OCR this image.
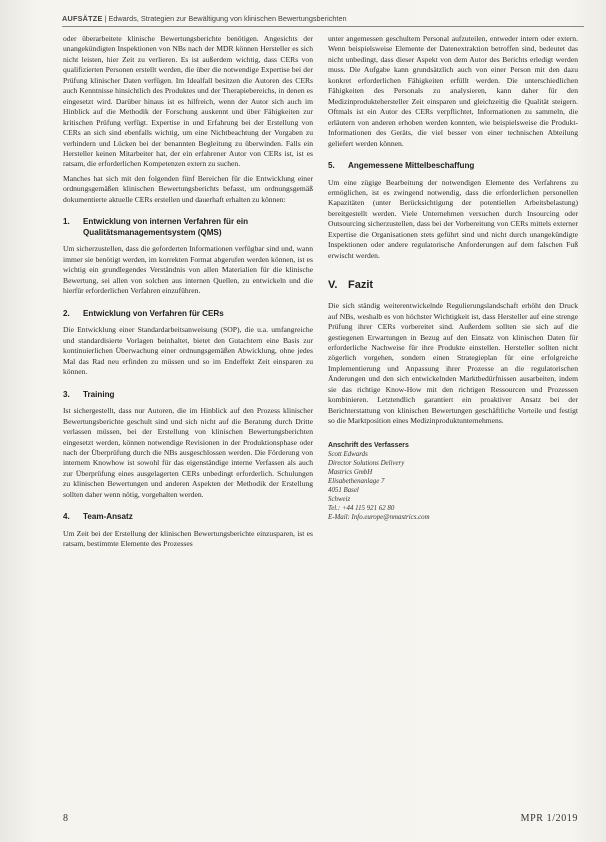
AUFSÄTZE | Edwards, Strategien zur Bewältigung von klinischen Bewertungsberichten

oder überarbeitete klinische Bewertungsberichte benötigen. Angesichts der unangekündigten Inspektionen von NBs nach der MDR können Hersteller es sich nicht leisten, hier Zeit zu verlieren. Es ist außerdem wichtig, dass CERs von qualifizierten Personen erstellt werden, die über die notwendige Expertise bei der Prüfung klinischer Daten verfügen. Im Idealfall besitzen die Autoren des CERs auch Kenntnisse hinsichtlich des Produktes und der Therapiebereichs, in denen es eingesetzt wird. Darüber hinaus ist es hilfreich, wenn der Autor sich auch im Hinblick auf die Methodik der Forschung auskennt und über Fähigkeiten zur kritischen Prüfung verfügt. Expertise in und Erfahrung bei der Erstellung von CERs an sich sind ebenfalls wichtig, um eine Nichtbeachtung der Vorgaben zu verhindern und Lücken bei der benannten Begleitung zu überwinden. Falls ein Hersteller keinen Mitarbeiter hat, der ein erfahrener Autor von CERs ist, ist es ratsam, die erforderlichen Kompetenzen extern zu suchen.

Manches hat sich mit den folgenden fünf Bereichen für die Entwicklung einer ordnungsgemäßen klinischen Bewertungsberichts befasst, um ordnungsgemäß dokumentierte aktuelle CERs erstellen und dauerhaft erhalten zu können:

1.	Entwicklung von internen Verfahren für ein Qualitätsmanagementsystem (QMS)

Um sicherzustellen, dass die geforderten Informationen verfügbar sind und, wann immer sie benötigt werden, im korrekten Format abgerufen werden können, ist es wichtig ein grundlegendes Verständnis von allen Materialien für die klinische Bewertung, sei allen von solchen aus internen Quellen, zu entwickeln und die hierfür erforderlichen Verfahren einzuführen.

2.	Entwicklung von Verfahren für CERs

Die Entwicklung einer Standardarbeitsanweisung (SOP), die u.a. umfangreiche und standardisierte Vorlagen beinhaltet, bietet den Gutachtern eine Basis zur kontinuierlichen Überwachung einer ordnungsgemäßen Abwicklung, ohne jedes Mal das Rad neu erfinden zu müssen und so im Endeffekt Zeit einsparen zu können.

3.	Training

Ist sichergestellt, dass nur Autoren, die im Hinblick auf den Prozess klinischer Bewertungsberichte geschult sind und sich nicht auf die Beratung durch Dritte verlassen müssen, bei der Erstellung von klinischen Bewertungsberichten eingesetzt werden, können notwendige Revisionen in der Produktionsphase oder nach der Überprüfung durch die NBs ausgeschlossen werden. Die Förderung von internem Knowhow ist sowohl für das eigenständige interne Verfassen als auch zur Überprüfung eines ausgelagerten CERs unbedingt erforderlich. Schulungen zu klinischen Bewertungen und anderen Aspekten der Methodik der Erstellung sollten daher wenn nötig, vorgehalten werden.

4.	Team-Ansatz

Um Zeit bei der Erstellung der klinischen Bewertungsberichte einzusparen, ist es ratsam, bestimmte Elemente des Prozesses

unter angemessen geschultem Personal aufzuteilen, entweder intern oder extern. Wenn beispielsweise Elemente der Datenextraktion betroffen sind, bedeutet das nicht unbedingt, dass dieser Aspekt von dem Autor des Berichts erledigt werden muss. Die Aufgabe kann grundsätzlich auch von einer Person mit den dazu konkret erforderlichen Fähigkeiten erfüllt werden. Die unterschiedlichen Fähigkeiten des Personals zu analysieren, kann daher für den Medizinproduktehersteller Zeit einsparen und gleichzeitig die Qualität steigern. Oftmals ist ein Autor des CERs verpflichtet, Informationen zu sammeln, die erläutern von anderen erhoben werden konnten, wie beispielsweise die Produkt-Informationen des Geräts, die viel besser von einer technischen Abteilung geliefert werden können.

5.	Angemessene Mittelbeschaffung

Um eine zügige Bearbeitung der notwendigen Elemente des Verfahrens zu ermöglichen, ist es zwingend notwendig, dass die erforderlichen personellen Kapazitäten (unter Berücksichtigung der potentiellen Arbeitsbelastung) bereitgestellt werden. Viele Unternehmen versuchen durch Insourcing oder Outsourcing sicherzustellen, dass bei der Vorbereitung von CERs mittels externer Expertise die Organisationen stets geführt sind und nicht durch unangekündigte Inspektionen oder andere regulatorische Anforderungen auf dem falschen Fuß erwischt werden.

V. Fazit

Die sich ständig weiterentwickelnde Regulierungslandschaft erhöht den Druck auf NBs, weshalb es von höchster Wichtigkeit ist, dass Hersteller auf eine strenge Prüfung ihrer CERs vorbereitet sind. Außerdem sollten sie sich auf die gestiegenen Erwartungen in Bezug auf den Einsatz von klinischen Daten für erforderliche Nachweise für ihre Produkte einstellen. Hersteller sollten nicht zögerlich vorgehen, sondern einen Strategieplan für eine erfolgreiche Implementierung und Anpassung ihrer Prozesse an die regulatorischen Änderungen und den sich entwickelnden Marktbedürfnissen ausarbeiten, indem sie das richtige Know-How mit den richtigen Ressourcen und Prozessen kombinieren. Letztendlich garantiert ein proaktiver Ansatz bei der Berichterstattung von klinischen Bewertungen geschäftliche Vorteile und festigt so die Marktposition eines Medizinproduktunternehmens.

Anschrift des Verfassers
Scott Edwards
Director Solutions Delivery
Mastrics GmbH
Elisabethenanlage 7
4051 Basel
Schweiz
Tel.: +44 115 921 62 80
E-Mail: Info.europe@nmastrics.com
8	MPR 1/2019
